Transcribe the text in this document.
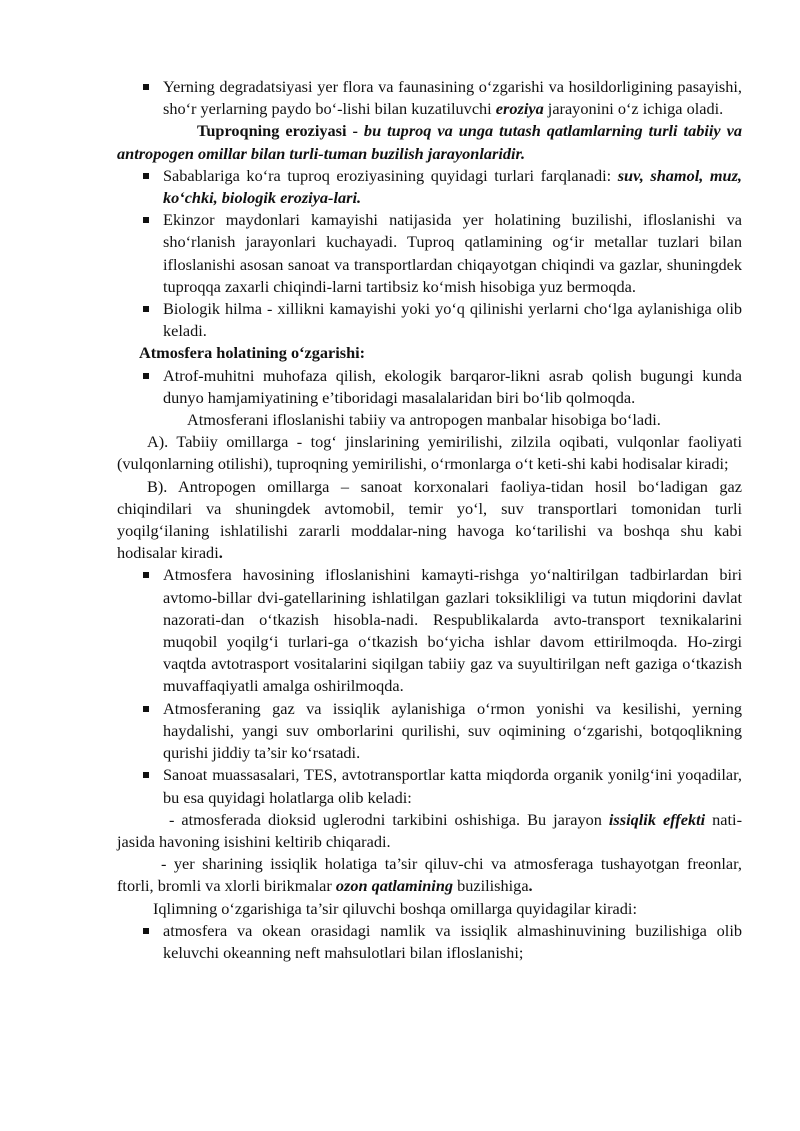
Yerning degradatsiyasi yer flora va faunasining o‘zgarishi va hosildorligining pasayishi, sho‘r yerlarning paydo bo‘-lishi bilan kuzatiluvchi eroziya jarayonini o‘z ichiga oladi.

Tuproqning eroziyasi - bu tuproq va unga tutash qatlamlarning turli tabiiy va antropogen omillar bilan turli-tuman buzilish jarayonlaridir.

Sabablariga ko‘ra tuproq eroziyasining quyidagi turlari farqlanadi: suv, shamol, muz, ko‘chki, biologik eroziya-lari.

Ekinzor maydonlari kamayishi natijasida yer holatining buzilishi, ifloslanishi va sho‘rlanish jarayonlari kuchayadi. Tuproq qatlamining og‘ir metallar tuzlari bilan ifloslanishi asosan sanoat va transportlardan chiqayotgan chiqindi va gazlar, shuningdek tuproqqa zaxarli chiqindi-larni tartibsiz ko‘mish hisobiga yuz bermoqda.

Biologik hilma - xillikni kamayishi yoki yo‘q qilinishi yerlarni cho‘lga aylanishiga olib keladi.

Atmosfera holatining o‘zgarishi:

Atrof-muhitni muhofaza qilish, ekologik barqaror-likni asrab qolish bugungi kunda dunyo hamjamiyatining e’tiboridagi masalalaridan biri bo‘lib qolmoqda.

Atmosferani ifloslanishi tabiiy va antropogen manbalar hisobiga bo‘ladi.

A). Tabiiy omillarga - tog‘ jinslarining yemirilishi, zilzila oqibati, vulqonlar faoliyati (vulqonlarning otilishi), tuproqning yemirilishi, o‘rmonlarga o‘t keti-shi kabi hodisalar kiradi;

B). Antropogen omillarga – sanoat korxonalari faoliya-tidan hosil bo‘ladigan gaz chiqindilari va shuningdek avtomobil, temir yo‘l, suv transportlari tomonidan turli yoqilg‘ilaning ishlatilishi zararli moddalar-ning havoga ko‘tarilishi va boshqa shu kabi hodisalar kiradi.

Atmosfera havosining ifloslanishini kamayti-rishga yo‘naltirilgan tadbirlardan biri avtomo-billar dvi-gatellarining ishlatilgan gazlari toksikliligi va tutun miqdorini davlat nazorati-dan o‘tkazish hisobla-nadi. Respublikalarda avto-transport texnikalarini muqobil yoqilg‘i turlari-ga o‘tkazish bo‘yicha ishlar davom ettirilmoqda. Ho-zirgi vaqtda avtotrasport vositalarini siqilgan tabiiy gaz va suyultirilgan neft gaziga o‘tkazish muvaffaqiyatli amalga oshirilmoqda.

Atmosferaning gaz va issiqlik aylanishiga o‘rmon yonishi va kesilishi, yerning haydalishi, yangi suv omborlarini qurilishi, suv oqimining o‘zgarishi, botqoqlikning qurishi jiddiy ta’sir ko‘rsatadi.

Sanoat muassasalari, TES, avtotransportlar katta miqdorda organik yonilg‘ini yoqadilar, bu esa quyidagi holatlarga olib keladi:

- atmosferada dioksid uglerodni tarkibini oshishiga. Bu jarayon issiqlik effekti nati-jasida havoning isishini keltirib chiqaradi.

- yer sharining issiqlik holatiga ta’sir qiluv-chi va atmosferaga tushayotgan freonlar, ftorli, bromli va xlorli birikmalar ozon qatlamining buzilishiga.

Iqlimning o‘zgarishiga ta’sir qiluvchi boshqa omillarga quyidagilar kiradi:

atmosfera va okean orasidagi namlik va issiqlik almashinuvining buzilishiga olib keluvchi okeanning neft mahsulotlari bilan ifloslanishi;
